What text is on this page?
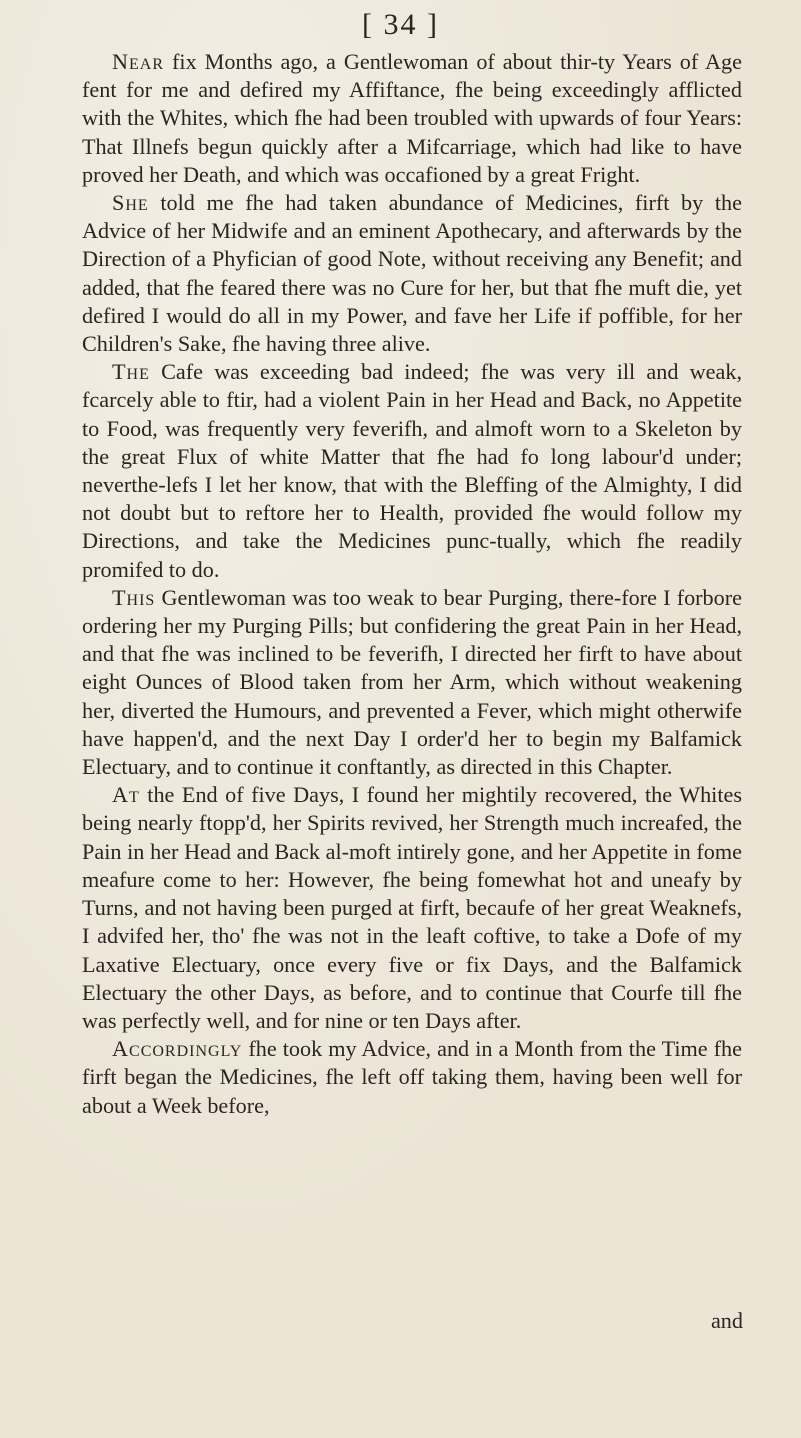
[ 34 ]

Near fix Months ago, a Gentlewoman of about thir-ty Years of Age fent for me and defired my Affiftance, fhe being exceedingly afflicted with the Whites, which fhe had been troubled with upwards of four Years: That Illnefs begun quickly after a Mifcarriage, which had like to have proved her Death, and which was occafioned by a great Fright.

She told me fhe had taken abundance of Medicines, firft by the Advice of her Midwife and an eminent Apothecary, and afterwards by the Direction of a Phyfician of good Note, without receiving any Benefit; and added, that fhe feared there was no Cure for her, but that fhe muft die, yet defired I would do all in my Power, and fave her Life if poffible, for her Children's Sake, fhe having three alive.

The Cafe was exceeding bad indeed; fhe was very ill and weak, fcarcely able to ftir, had a violent Pain in her Head and Back, no Appetite to Food, was frequently very feverifh, and almoft worn to a Skeleton by the great Flux of white Matter that fhe had fo long labour'd under; neverthe-lefs I let her know, that with the Bleffing of the Almighty, I did not doubt but to reftore her to Health, provided fhe would follow my Directions, and take the Medicines punc-tually, which fhe readily promifed to do.

This Gentlewoman was too weak to bear Purging, there-fore I forbore ordering her my Purging Pills; but confidering the great Pain in her Head, and that fhe was inclined to be feverifh, I directed her firft to have about eight Ounces of Blood taken from her Arm, which without weakening her, diverted the Humours, and prevented a Fever, which might otherwife have happen'd, and the next Day I order'd her to begin my Balfamick Electuary, and to continue it conftantly, as directed in this Chapter.

At the End of five Days, I found her mightily recovered, the Whites being nearly ftopp'd, her Spirits revived, her Strength much increafed, the Pain in her Head and Back al-moft intirely gone, and her Appetite in fome meafure come to her: However, fhe being fomewhat hot and uneafy by Turns, and not having been purged at firft, becaufe of her great Weaknefs, I advifed her, tho' fhe was not in the leaft coftive, to take a Dofe of my Laxative Electuary, once every five or fix Days, and the Balfamick Electuary the other Days, as before, and to continue that Courfe till fhe was perfectly well, and for nine or ten Days after.

Accordingly fhe took my Advice, and in a Month from the Time fhe firft began the Medicines, fhe left off taking them, having been well for about a Week before,

and
